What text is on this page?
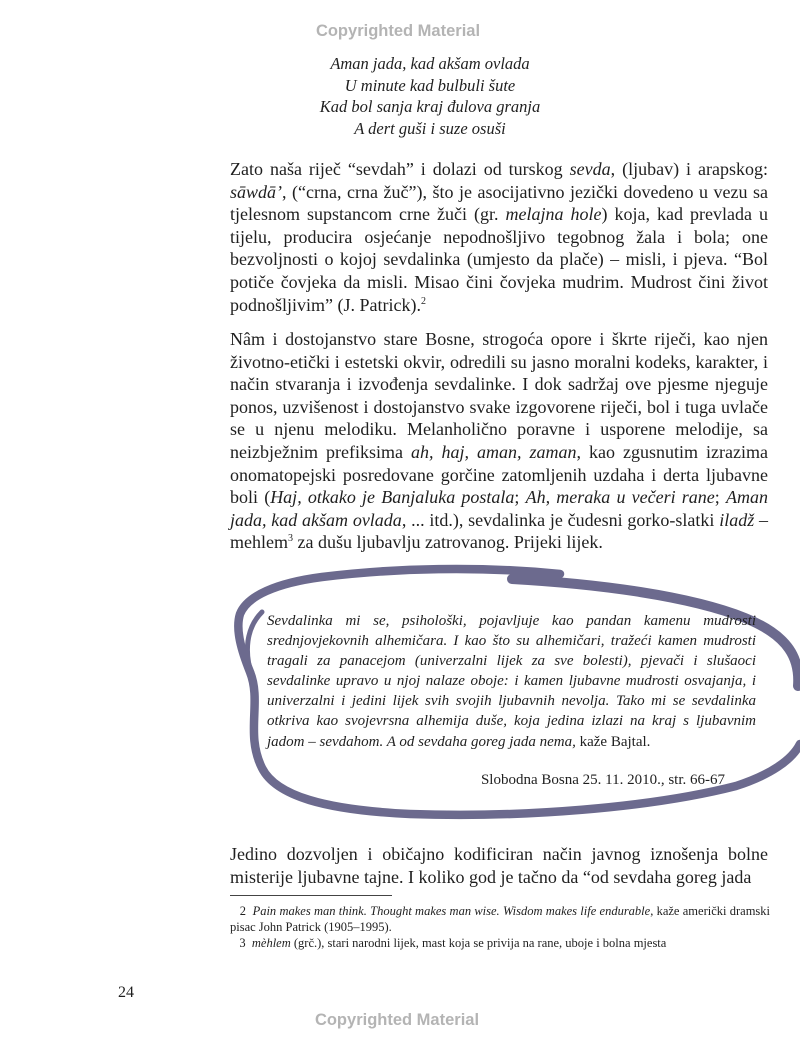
Copyrighted Material
Aman jada, kad akšam ovlada
U minute kad bulbuli šute
Kad bol sanja kraj đulova granja
A dert guši i suze osuši

Zato naša riječ “sevdah” i dolazi od turskog sevda, (ljubav) i arapskog: sāwdā’, (“crna, crna žuč”), što je asocijativno jezički dovedeno u vezu sa tjelesnom supstancom crne žuči (gr. melajna hole) koja, kad prevlada u tijelu, producira osjećanje nepodnošljivo tegobnog žala i bola; one bezvoljnosti o kojoj sevdalinka (umjesto da plače) – misli, i pjeva. “Bol potiče čovjeka da misli. Misao čini čovjeka mudrim. Mudrost čini život podnošljivim” (J. Patrick).$^2$

Nâm i dostojanstvo stare Bosne, strogoća opore i škrte riječi, kao njen životno-etički i estetski okvir, odredili su jasno moralni kodeks, karakter, i način stvaranja i izvođenja sevdalinke. I dok sadržaj ove pjesme njeguje ponos, uzvišenost i dostojanstvo svake izgovorene riječi, bol i tuga uvlače se u njenu melodiku. Melanholično poravne i usporene melodije, sa neizbježnim prefiksima ah, haj, aman, zaman, kao zgusnutim izrazima onomatopejski posredovane gorčine zatomljenih uzdaha i derta ljubavne boli (Haj, otkako je Banjaluka postala; Ah, meraka u večeri rane; Aman jada, kad akšam ovlada, ... itd.), sevdalinka je čudesni gorko-slatki iladž – mehlem$^3$ za dušu ljubavlju zatrovanog. Prijeki lijek.

Sevdalinka mi se, psihološki, pojavljuje kao pandan kamenu mudrosti srednjovjekovnih alhemičara. I kao što su alhemičari, tražeći kamen mudrosti tragali za panacejom (univerzalni lijek za sve bolesti), pjevači i slušaoci sevdalinke upravo u njoj nalaze oboje: i kamen ljubavne mudrosti osvajanja, i univerzalni i jedini lijek svih svojih ljubavnih nevolja. Tako mi se sevdalinka otkriva kao svojevrsna alhemija duše, koja jedina izlazi na kraj s ljubavnim jadom – sevdahom. A od sevdaha goreg jada nema, kaže Bajtal.

Slobodna Bosna 25. 11. 2010., str. 66-67

Jedino dozvoljen i običajno kodificiran način javnog iznošenja bolne misterije ljubavne tajne. I koliko god je tačno da “od sevdaha goreg jada

2 Pain makes man think. Thought makes man wise. Wisdom makes life endurable, kaže američki dramski pisac John Patrick (1905–1995).

3 mèhlem (grč.), stari narodni lijek, mast koja se privija na rane, uboje i bolna mjesta

24
Copyrighted Material
